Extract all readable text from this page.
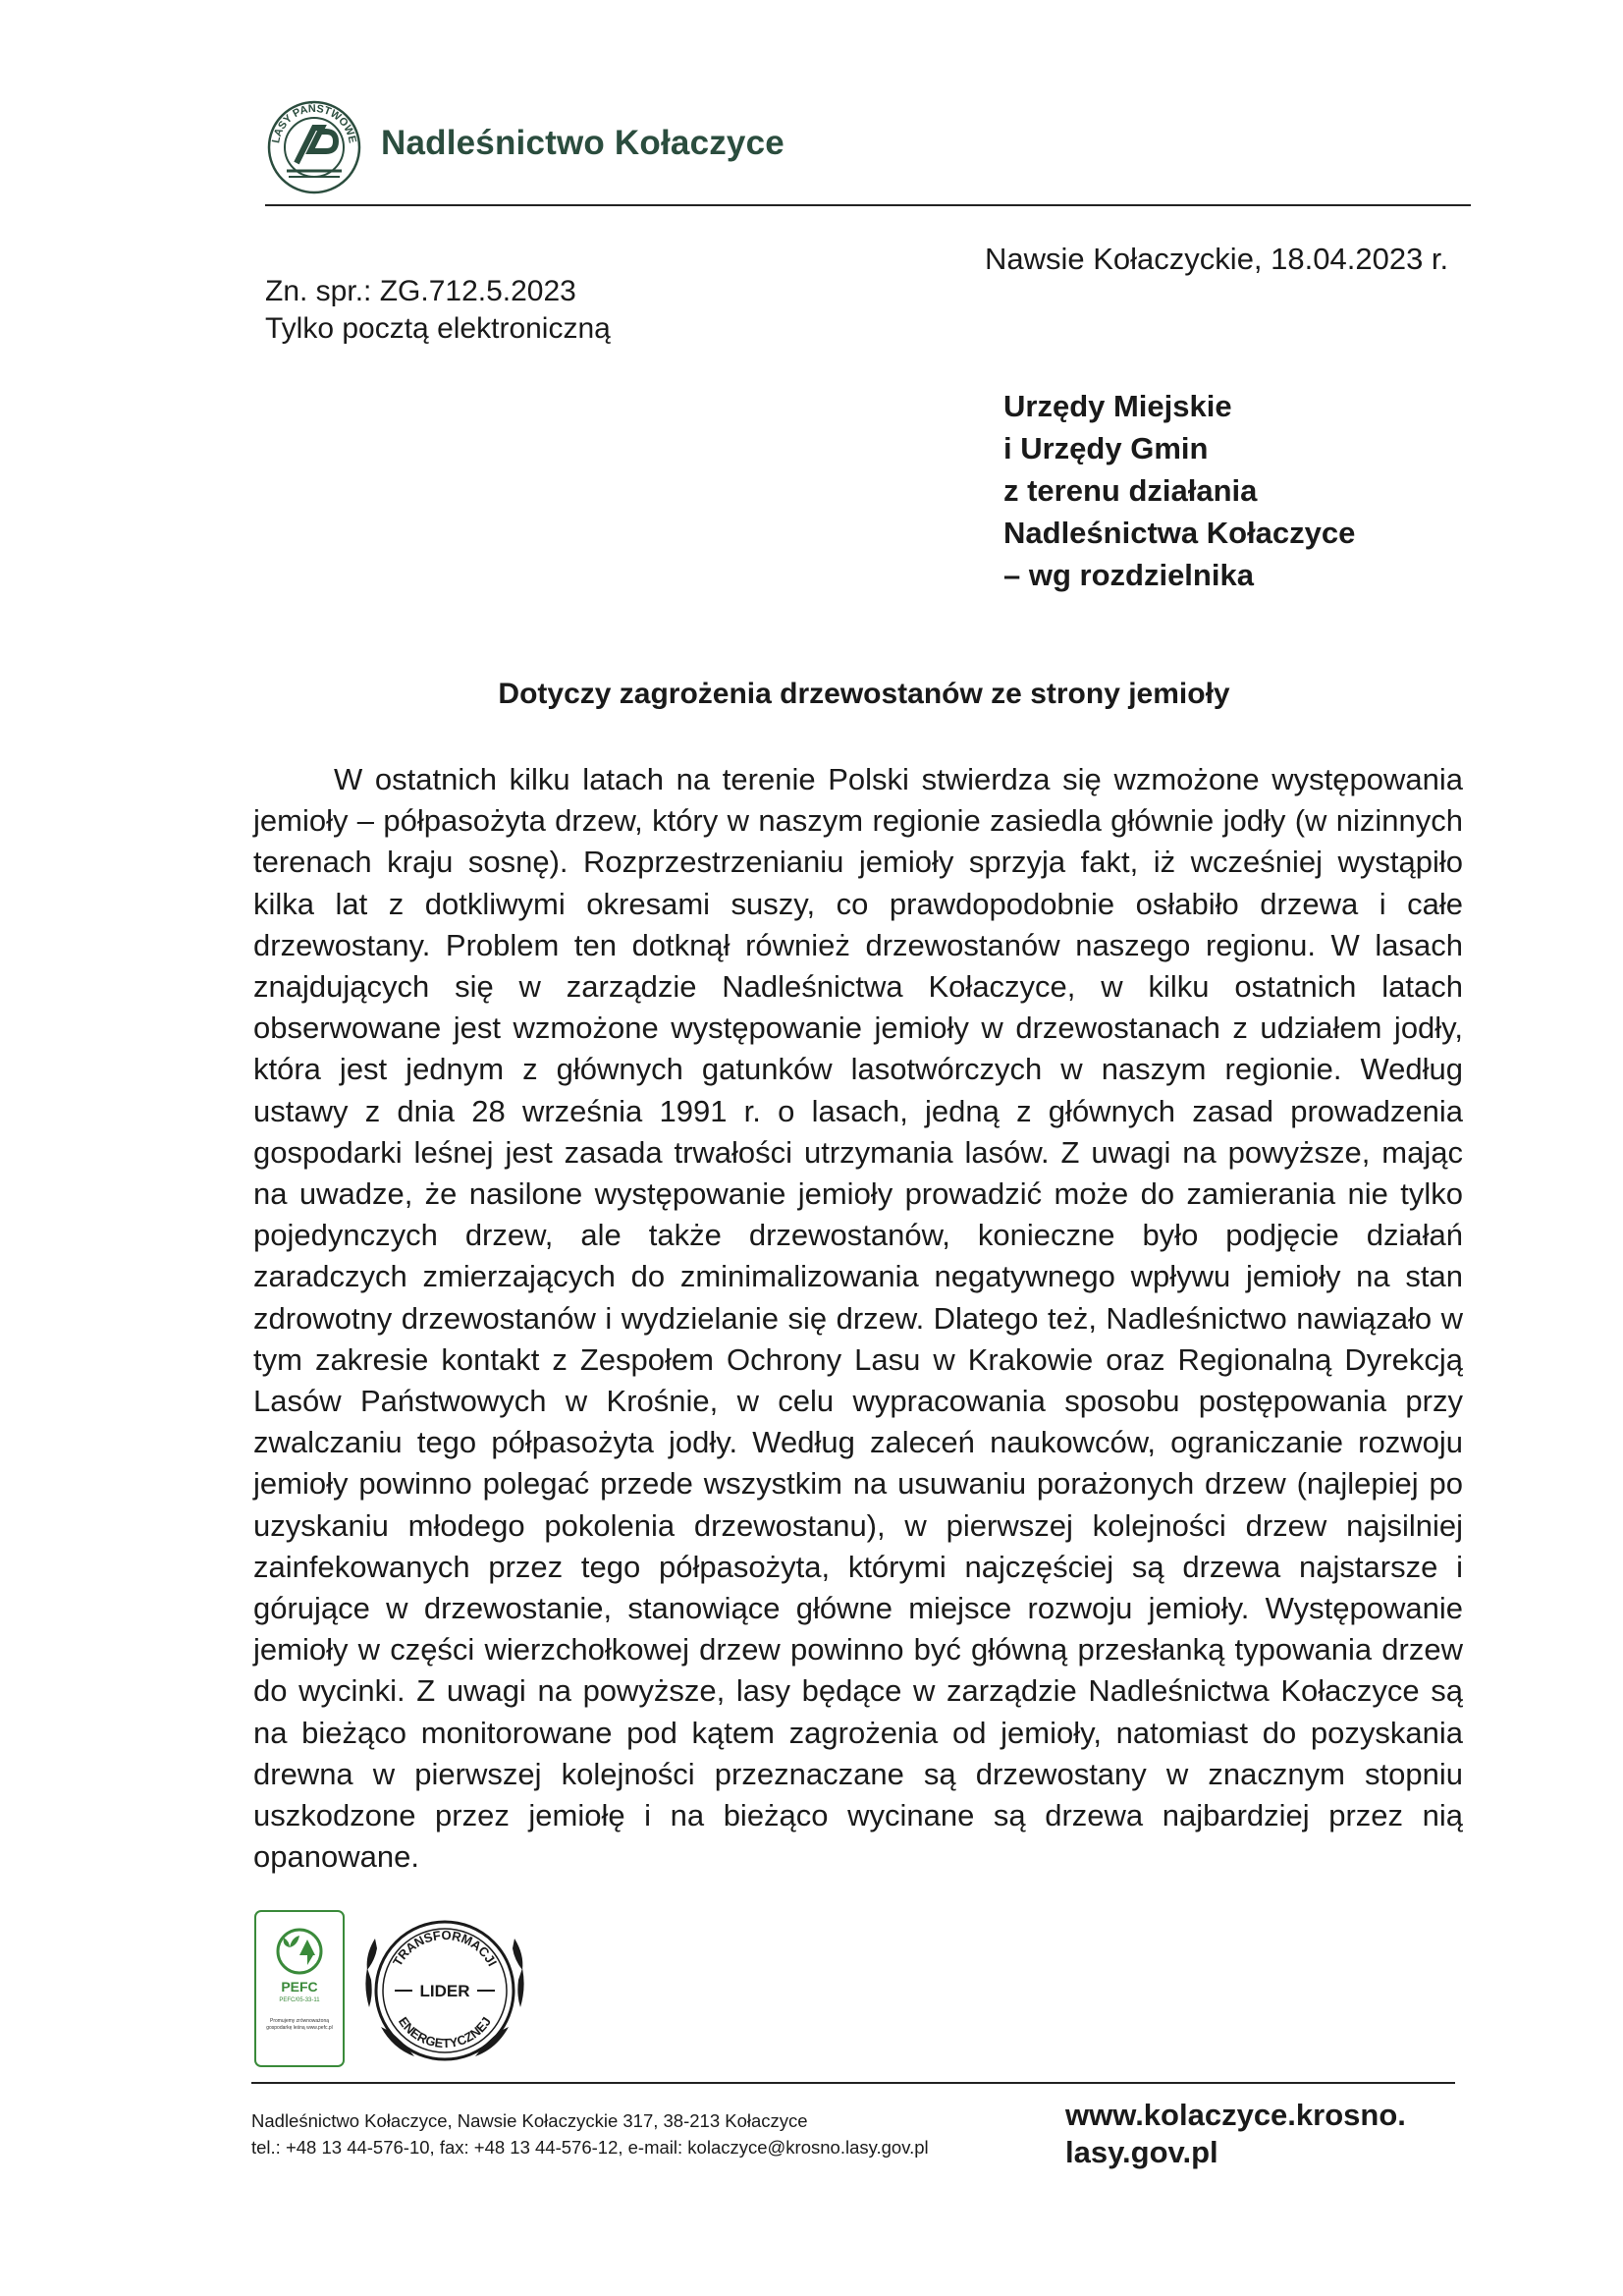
LASY PAŃSTWOWE Nadleśnictwo Kołaczyce
Zn. spr.: ZG.712.5.2023
Tylko pocztą elektroniczną
Nawsie Kołaczyckie, 18.04.2023 r.
Urzędy Miejskie
i Urzędy Gmin
z terenu działania
Nadleśnictwa Kołaczyce
– wg rozdzielnika
Dotyczy zagrożenia drzewostanów ze strony jemioły

W ostatnich kilku latach na terenie Polski stwierdza się wzmożone występowania jemioły – półpasożyta drzew, który w naszym regionie zasiedla głównie jodły (w nizinnych terenach kraju sosnę). Rozprzestrzenianiu jemioły sprzyja fakt, iż wcześniej wystąpiło kilka lat z dotkliwymi okresami suszy, co prawdopodobnie osłabiło drzewa i całe drzewostany. Problem ten dotknął również drzewostanów naszego regionu. W lasach znajdujących się w zarządzie Nadleśnictwa Kołaczyce, w kilku ostatnich latach obserwowane jest wzmożone występowanie jemioły w drzewostanach z udziałem jodły, która jest jednym z głównych gatunków lasotwórczych w naszym regionie. Według ustawy z dnia 28 września 1991 r. o lasach, jedną z głównych zasad prowadzenia gospodarki leśnej jest zasada trwałości utrzymania lasów. Z uwagi na powyższe, mając na uwadze, że nasilone występowanie jemioły prowadzić może do zamierania nie tylko pojedynczych drzew, ale także drzewostanów, konieczne było podjęcie działań zaradczych zmierzających do zminimalizowania negatywnego wpływu jemioły na stan zdrowotny drzewostanów i wydzielanie się drzew. Dlatego też, Nadleśnictwo nawiązało w tym zakresie kontakt z Zespołem Ochrony Lasu w Krakowie oraz Regionalną Dyrekcją Lasów Państwowych w Krośnie, w celu wypracowania sposobu postępowania przy zwalczaniu tego półpasożyta jodły. Według zaleceń naukowców, ograniczanie rozwoju jemioły powinno polegać przede wszystkim na usuwaniu porażonych drzew (najlepiej po uzyskaniu młodego pokolenia drzewostanu), w pierwszej kolejności drzew najsilniej zainfekowanych przez tego półpasożyta, którymi najczęściej są drzewa najstarsze i górujące w drzewostanie, stanowiące główne miejsce rozwoju jemioły. Występowanie jemioły w części wierzchołkowej drzew powinno być główną przesłanką typowania drzew do wycinki. Z uwagi na powyższe, lasy będące w zarządzie Nadleśnictwa Kołaczyce są na bieżąco monitorowane pod kątem zagrożenia od jemioły, natomiast do pozyskania drewna w pierwszej kolejności przeznaczane są drzewostany w znacznym stopniu uszkodzone przez jemiołę i na bieżąco wycinane są drzewa najbardziej przez nią opanowane.

PEFC
PEFC/05-33-11
Promujemy zrównoważoną gospodarkę leśną www.pefc.pl
TRANSFORMACJI
ENERGETYCZNEJ
LIDER
Nadleśnictwo Kołaczyce, Nawsie Kołaczyckie 317, 38-213 Kołaczyce
tel.: +48 13 44-576-10, fax: +48 13 44-576-12, e-mail: kolaczyce@krosno.lasy.gov.pl
www.kolaczyce.krosno.
lasy.gov.pl
